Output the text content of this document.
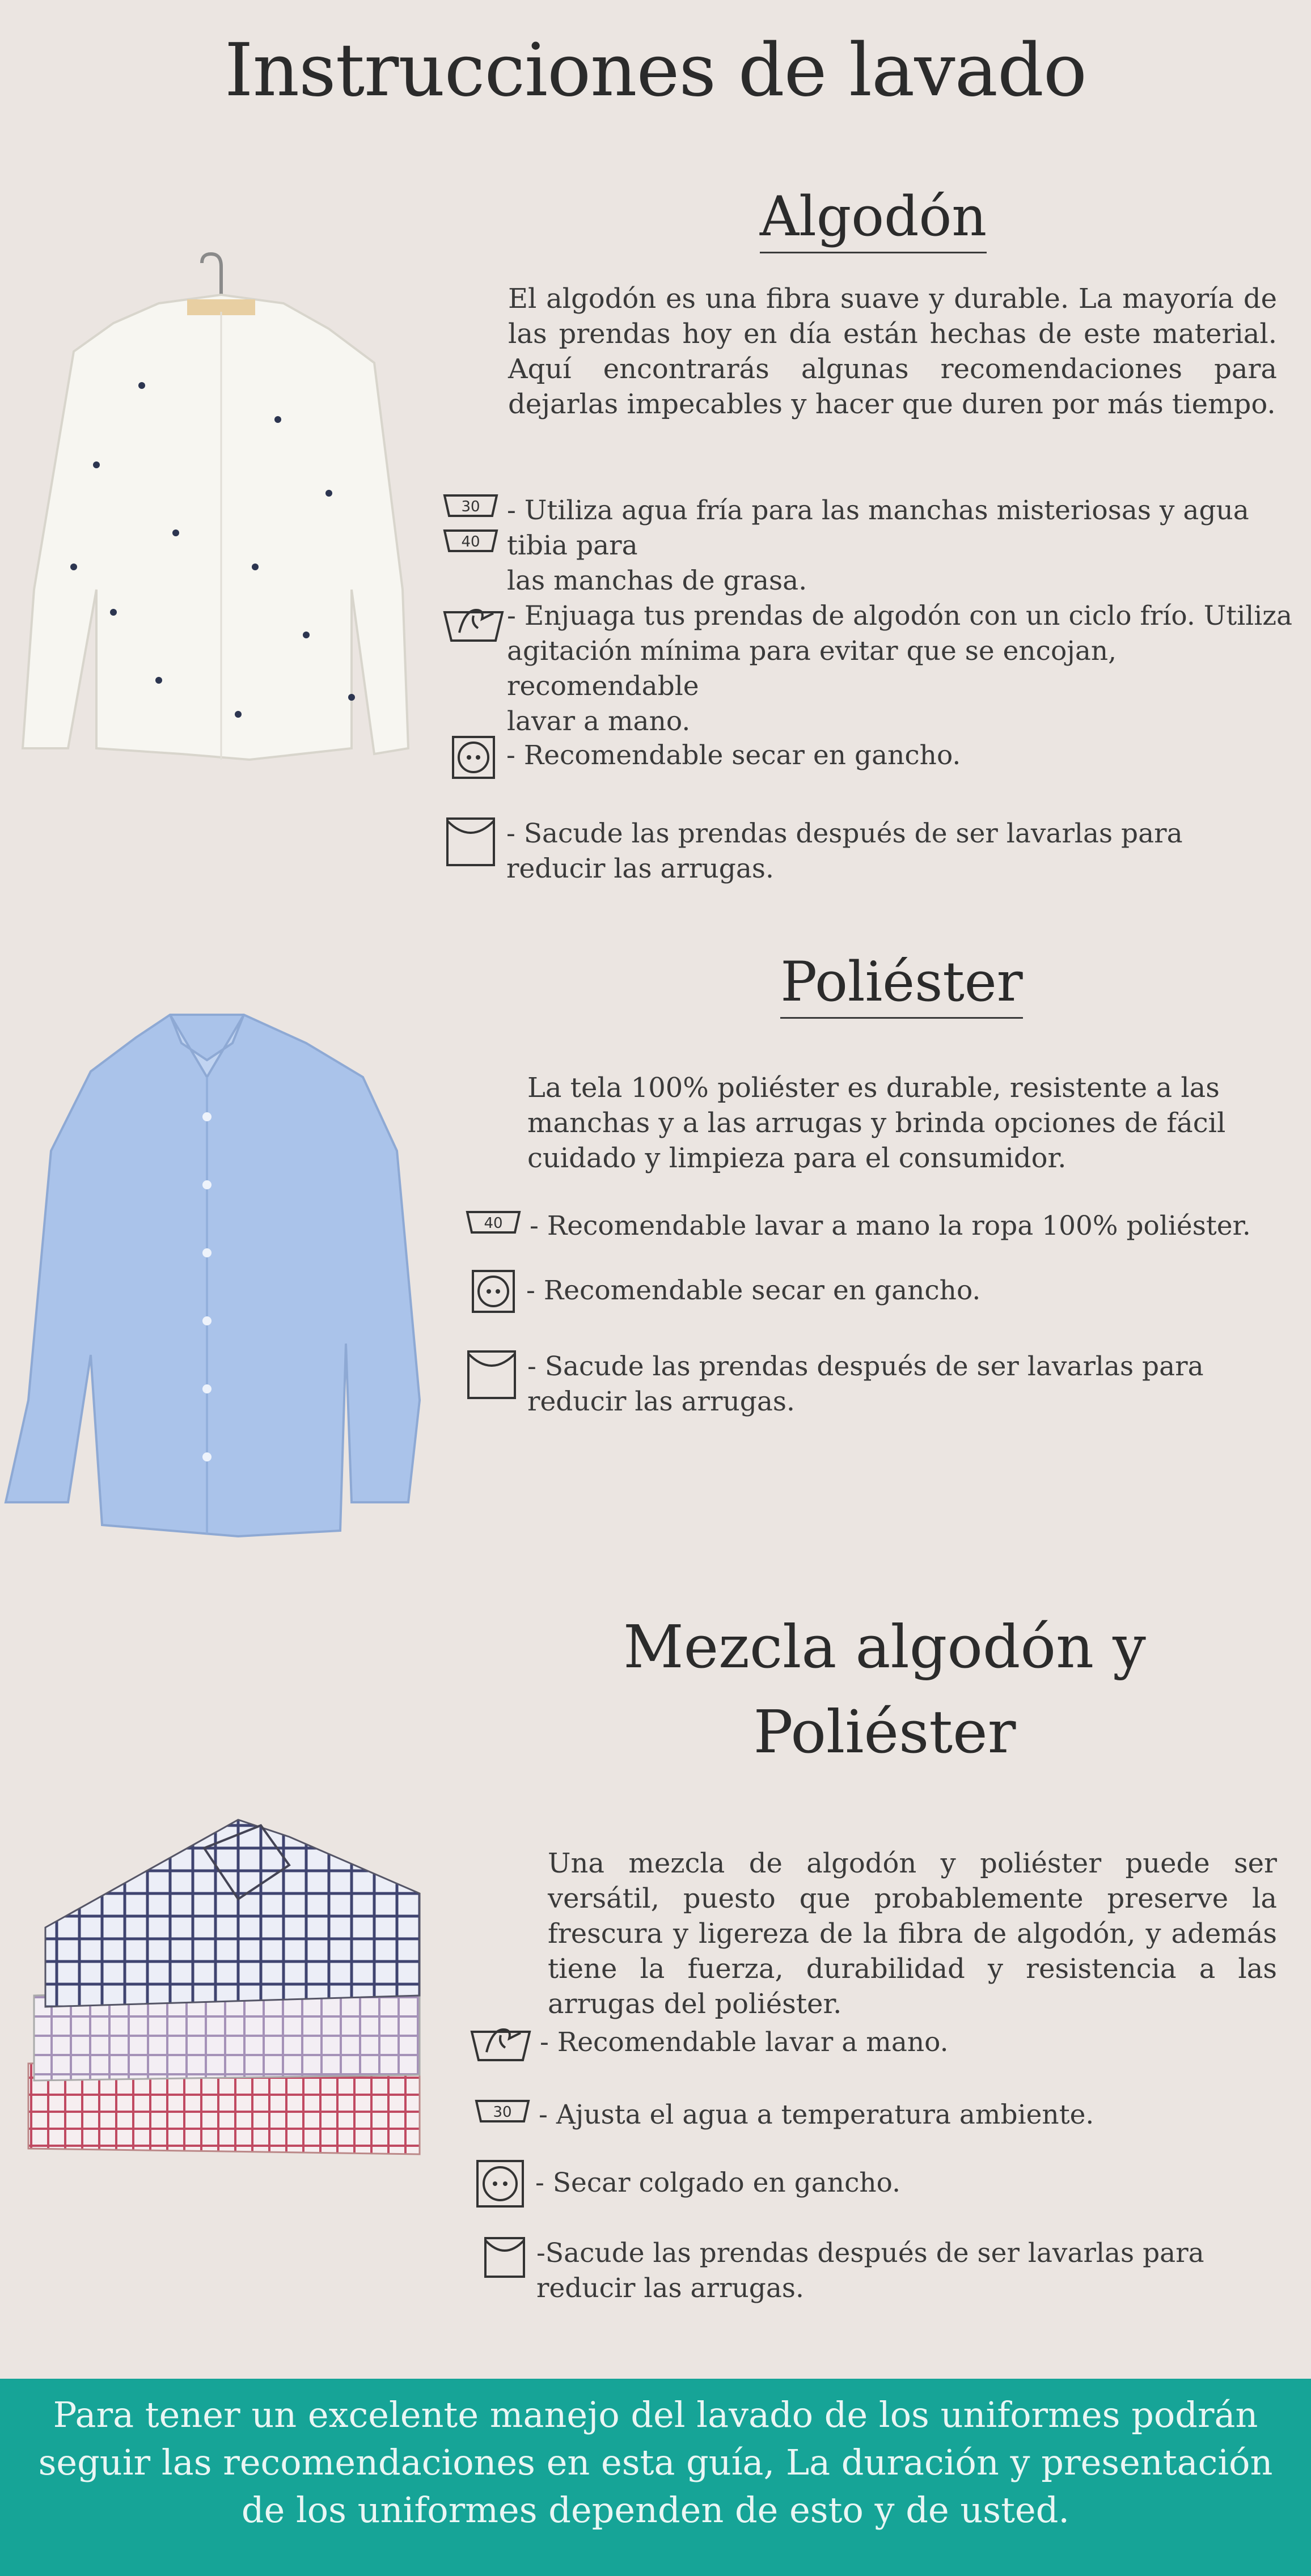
Instrucciones de lavado
Algodón

El algodón es una fibra suave y durable. La mayoría de las prendas hoy en día están hechas de este material. Aquí encontrarás algunas recomendaciones para dejarlas impecables y hacer que duren por más tiempo.

30
40
- Utiliza agua fría para las manchas misteriosas y agua tibia para
las manchas de grasa.
- Enjuaga tus prendas de algodón con un ciclo frío. Utiliza
agitación mínima para evitar que se encojan, recomendable
lavar a mano.
- Recomendable secar en gancho.
- Sacude las prendas después de ser lavarlas para
reducir las arrugas.
Poliéster

La tela 100% poliéster es durable, resistente a las manchas y a las arrugas y brinda opciones de fácil cuidado y limpieza para el consumidor.

40 - Recomendable lavar a mano la ropa 100% poliéster.
- Recomendable secar en gancho.
- Sacude las prendas después de ser lavarlas para
reducir las arrugas.
Mezcla algodón y
Poliéster

Una mezcla de algodón y poliéster puede ser versátil, puesto que probablemente preserve la frescura y ligereza de la fibra de algodón, y además tiene la fuerza, durabilidad y resistencia a las arrugas del poliéster.

- Recomendable lavar a mano.
30 - Ajusta el agua a temperatura ambiente.
- Secar colgado en gancho.
-Sacude las prendas después de ser lavarlas para
reducir las arrugas.
Para tener un excelente manejo del lavado de los uniformes podrán seguir las recomendaciones en esta guía, La duración y presentación de los uniformes dependen de esto y de usted.
